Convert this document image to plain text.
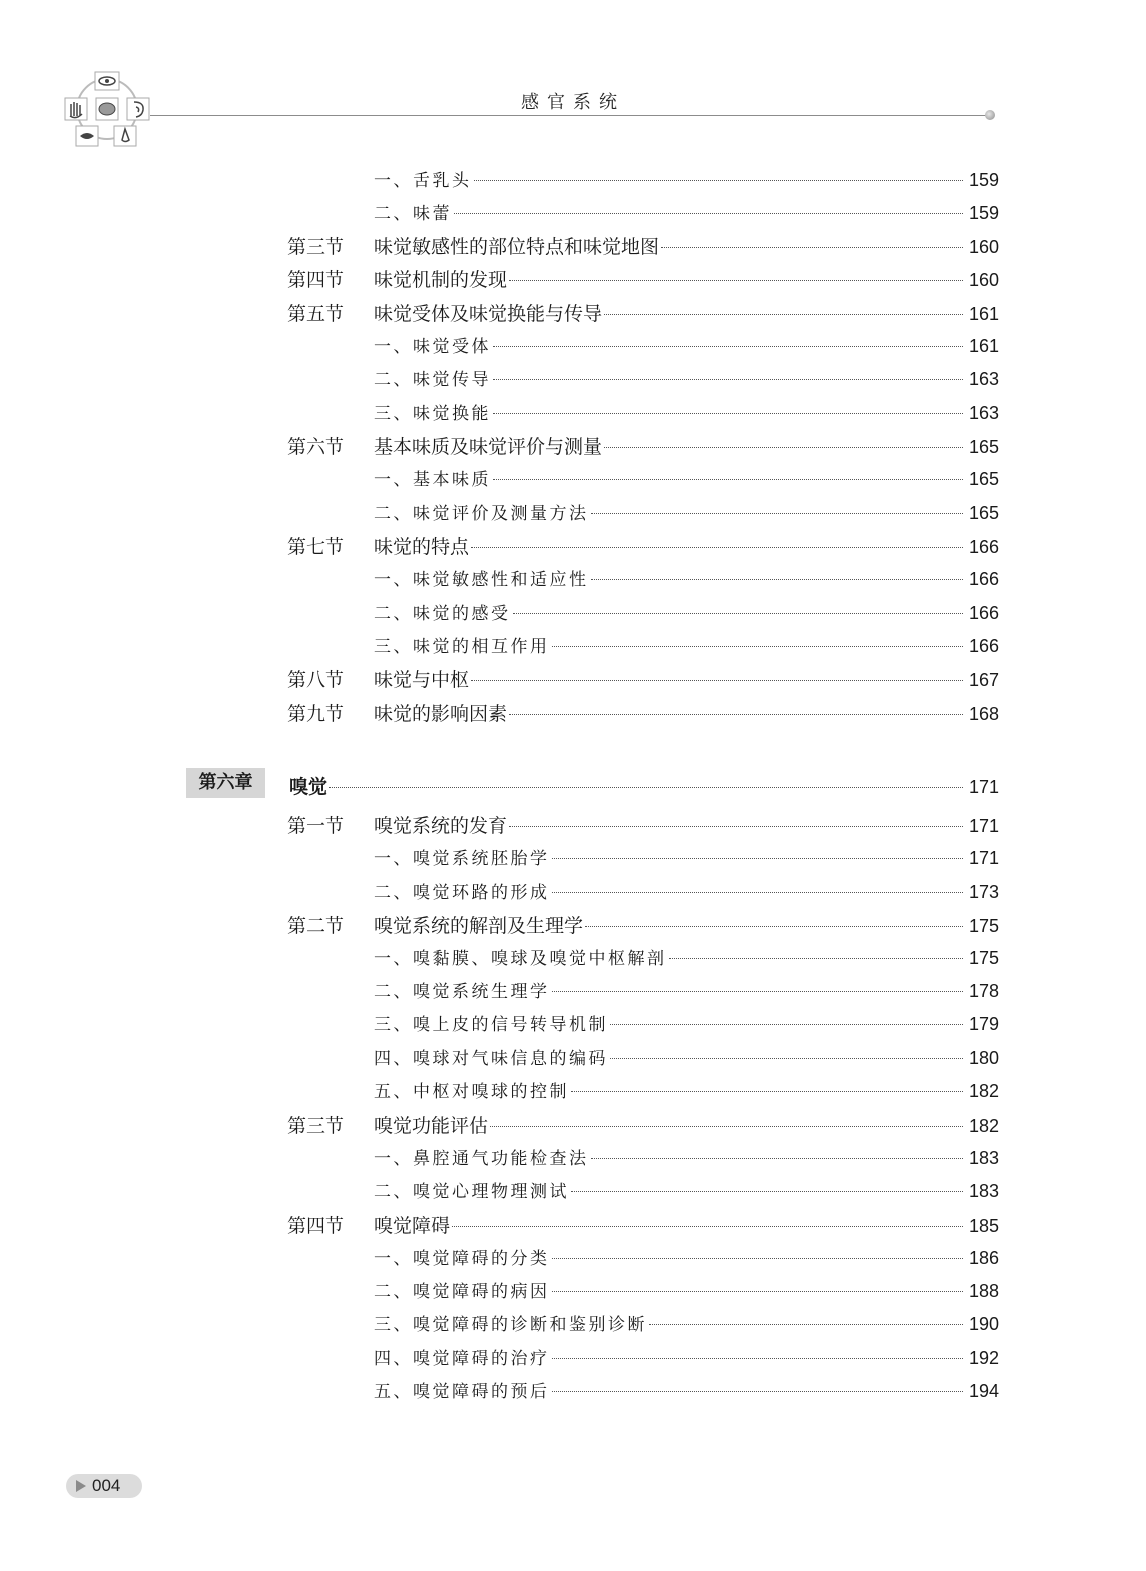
感官系统
一、舌乳头	159
二、味蕾	159
第三节	味觉敏感性的部位特点和味觉地图	160
第四节	味觉机制的发现	160
第五节	味觉受体及味觉换能与传导	161
一、味觉受体	161
二、味觉传导	163
三、味觉换能	163
第六节	基本味质及味觉评价与测量	165
一、基本味质	165
二、味觉评价及测量方法	165
第七节	味觉的特点	166
一、味觉敏感性和适应性	166
二、味觉的感受	166
三、味觉的相互作用	166
第八节	味觉与中枢	167
第九节	味觉的影响因素	168
第六章	嗅觉	171
第一节	嗅觉系统的发育	171
一、嗅觉系统胚胎学	171
二、嗅觉环路的形成	173
第二节	嗅觉系统的解剖及生理学	175
一、嗅黏膜、嗅球及嗅觉中枢解剖	175
二、嗅觉系统生理学	178
三、嗅上皮的信号转导机制	179
四、嗅球对气味信息的编码	180
五、中枢对嗅球的控制	182
第三节	嗅觉功能评估	182
一、鼻腔通气功能检查法	183
二、嗅觉心理物理测试	183
第四节	嗅觉障碍	185
一、嗅觉障碍的分类	186
二、嗅觉障碍的病因	188
三、嗅觉障碍的诊断和鉴别诊断	190
四、嗅觉障碍的治疗	192
五、嗅觉障碍的预后	194
004
